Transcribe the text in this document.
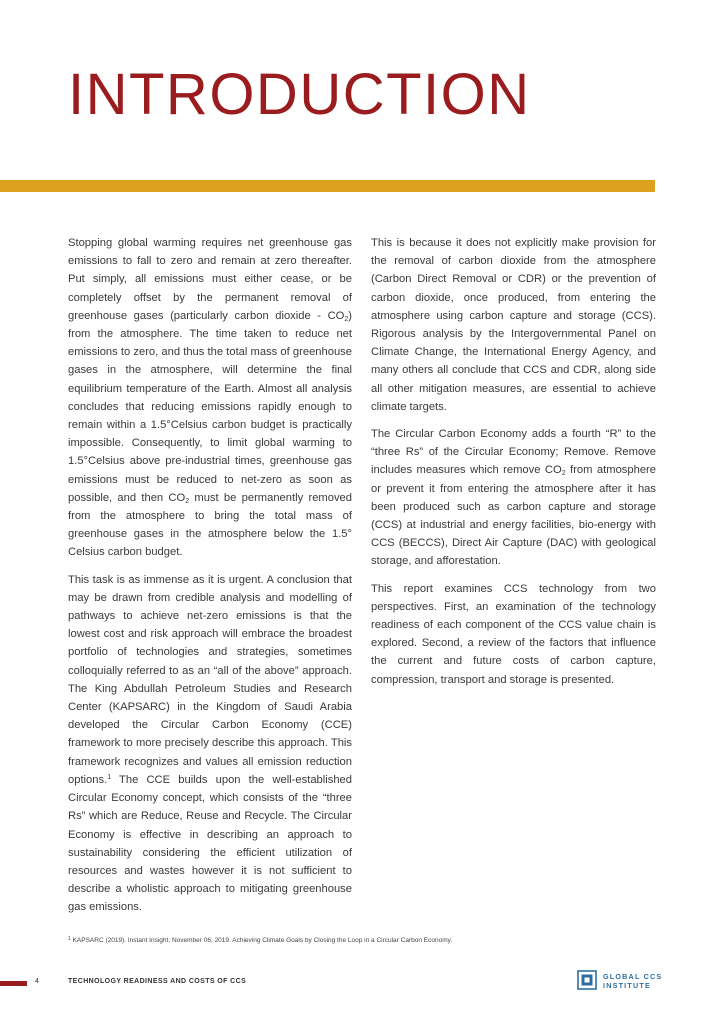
INTRODUCTION

Stopping global warming requires net greenhouse gas emissions to fall to zero and remain at zero thereafter. Put simply, all emissions must either cease, or be completely offset by the permanent removal of greenhouse gases (particularly carbon dioxide - $CO_2$) from the atmosphere. The time taken to reduce net emissions to zero, and thus the total mass of greenhouse gases in the atmosphere, will determine the final equilibrium temperature of the Earth. Almost all analysis concludes that reducing emissions rapidly enough to remain within a 1.5°Celsius carbon budget is practically impossible. Consequently, to limit global warming to 1.5°Celsius above pre-industrial times, greenhouse gas emissions must be reduced to net-zero as soon as possible, and then $CO_2$ must be permanently removed from the atmosphere to bring the total mass of greenhouse gases in the atmosphere below the 1.5° Celsius carbon budget.

This task is as immense as it is urgent. A conclusion that may be drawn from credible analysis and modelling of pathways to achieve net-zero emissions is that the lowest cost and risk approach will embrace the broadest portfolio of technologies and strategies, sometimes colloquially referred to as an “all of the above” approach. The King Abdullah Petroleum Studies and Research Center (KAPSARC) in the Kingdom of Saudi Arabia developed the Circular Carbon Economy (CCE) framework to more precisely describe this approach. This framework recognizes and values all emission reduction options.$^1$ The CCE builds upon the well-established Circular Economy concept, which consists of the “three Rs” which are Reduce, Reuse and Recycle. The Circular Economy is effective in describing an approach to sustainability considering the efficient utilization of resources and wastes however it is not sufficient to describe a wholistic approach to mitigating greenhouse gas emissions.

This is because it does not explicitly make provision for the removal of carbon dioxide from the atmosphere (Carbon Direct Removal or CDR) or the prevention of carbon dioxide, once produced, from entering the atmosphere using carbon capture and storage (CCS). Rigorous analysis by the Intergovernmental Panel on Climate Change, the International Energy Agency, and many others all conclude that CCS and CDR, along side all other mitigation measures, are essential to achieve climate targets.

The Circular Carbon Economy adds a fourth “R” to the “three Rs” of the Circular Economy; Remove. Remove includes measures which remove $CO_2$ from atmosphere or prevent it from entering the atmosphere after it has been produced such as carbon capture and storage (CCS) at industrial and energy facilities, bio-energy with CCS (BECCS), Direct Air Capture (DAC) with geological storage, and afforestation.

This report examines CCS technology from two perspectives. First, an examination of the technology readiness of each component of the CCS value chain is explored. Second, a review of the factors that influence the current and future costs of carbon capture, compression, transport and storage is presented.

$^1$ KAPSARC (2019). Instant Insight, November 06, 2019. Achieving Climate Goals by Closing the Loop in a Circular Carbon Economy.
4	TECHNOLOGY READINESS AND COSTS OF CCS
GLOBAL CCS
INSTITUTE
